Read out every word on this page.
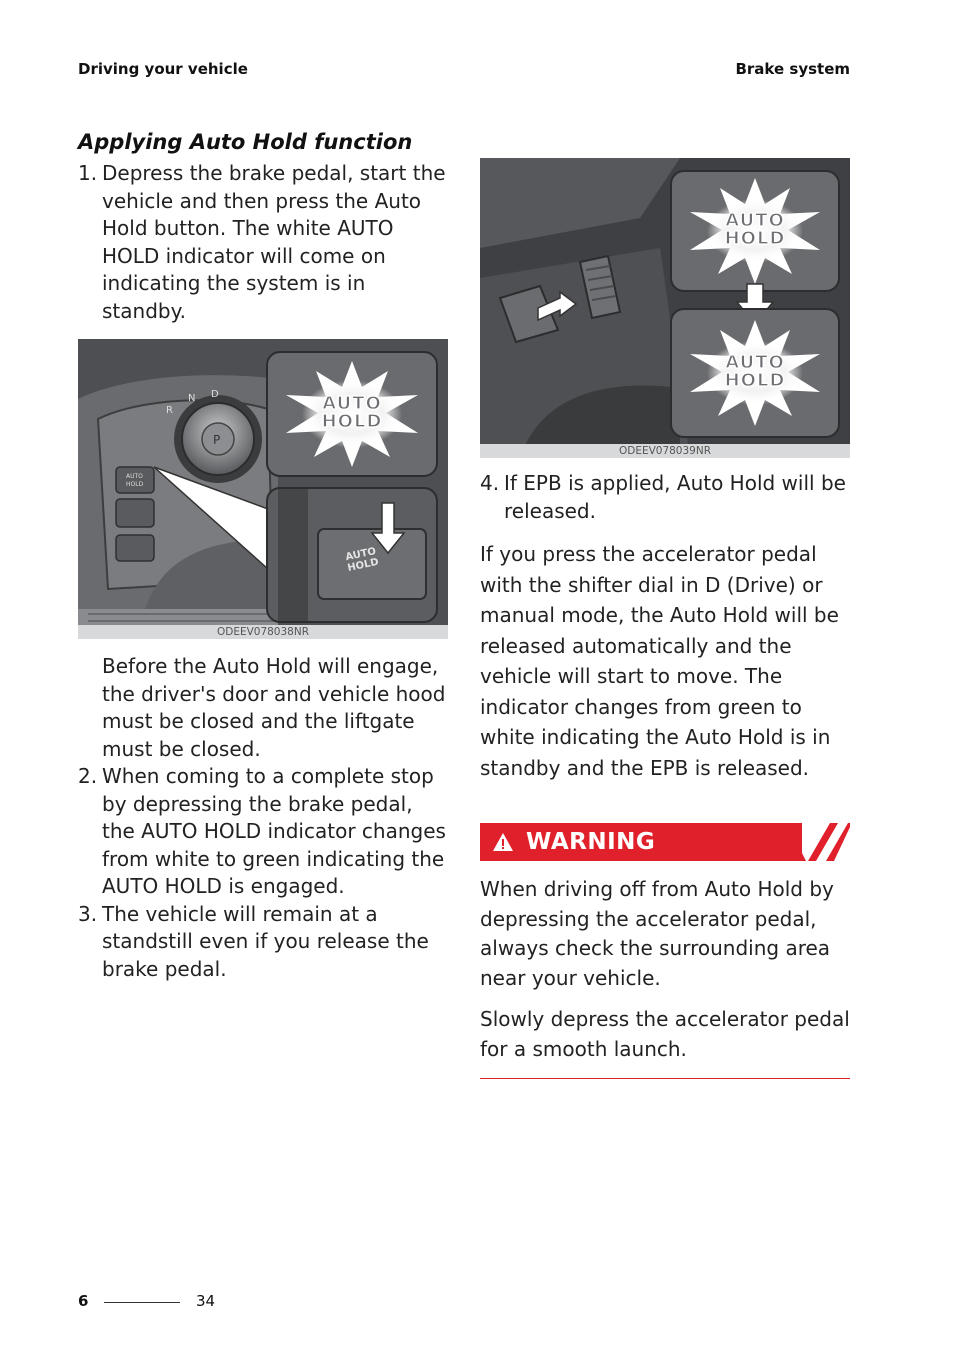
Driving your vehicle	Brake system
Applying Auto Hold function
1. Depress the brake pedal, start the vehicle and then press the Auto Hold button. The white AUTO HOLD indicator will come on indicating the system is in standby.
AUTO
HOLD
P
R
N D	AUTO HOLD
AUTO HOLD
ODEEV078038NR
Before the Auto Hold will engage, the driver's door and vehicle hood must be closed and the liftgate must be closed.
2. When coming to a complete stop by depressing the brake pedal, the AUTO HOLD indicator changes from white to green indicating the AUTO HOLD is engaged.
3. The vehicle will remain at a standstill even if you release the brake pedal.
AUTO HOLD
AUTO HOLD
ODEEV078039NR
4. If EPB is applied, Auto Hold will be released.
If you press the accelerator pedal with the shifter dial in D (Drive) or manual mode, the Auto Hold will be released automatically and the vehicle will start to move. The indicator changes from green to white indicating the Auto Hold is in standby and the EPB is released.
WARNING
When driving off from Auto Hold by depressing the accelerator pedal, always check the surrounding area near your vehicle.
Slowly depress the accelerator pedal for a smooth launch.
6	34
